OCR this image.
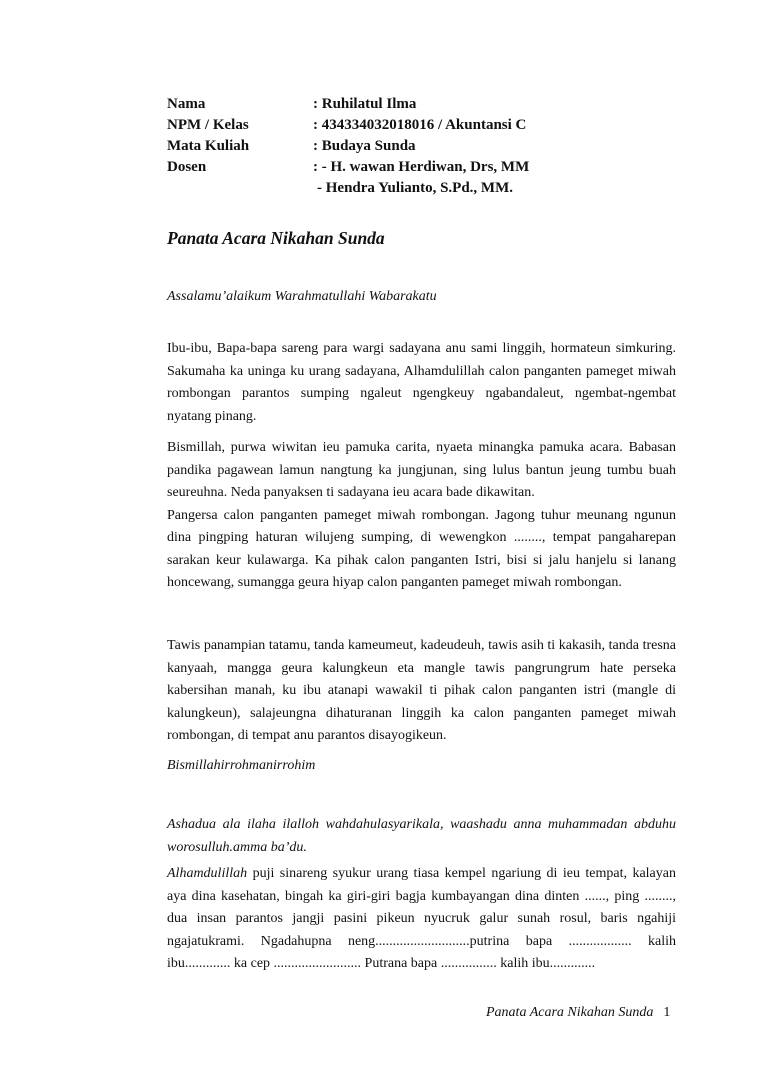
Nama	: Ruhilatul Ilma
NPM / Kelas	: 434334032018016 / Akuntansi C
Mata Kuliah	: Budaya Sunda
Dosen	: - H. wawan Herdiwan, Drs, MM
- Hendra Yulianto, S.Pd., MM.
Panata Acara Nikahan Sunda
Assalamu’alaikum Warahmatullahi Wabarakatu

Ibu-ibu, Bapa-bapa sareng para wargi sadayana anu sami linggih, hormateun simkuring. Sakumaha ka uninga ku urang sadayana, Alhamdulillah calon panganten pameget miwah rombongan parantos sumping ngaleut ngengkeuy ngabandaleut, ngembat-ngembat nyatang pinang.

Bismillah, purwa wiwitan ieu pamuka carita, nyaeta minangka pamuka acara. Babasan pandika pagawean lamun nangtung ka jungjunan, sing lulus bantun jeung tumbu buah seureuhna. Neda panyaksen ti sadayana ieu acara bade dikawitan.

Pangersa calon panganten pameget miwah rombongan. Jagong tuhur meunang ngunun dina pingping haturan wilujeng sumping, di wewengkon ........, tempat pangaharepan sarakan keur kulawarga. Ka pihak calon panganten Istri, bisi si jalu hanjelu si lanang honcewang, sumangga geura hiyap calon panganten pameget miwah rombongan.

Tawis panampian tatamu, tanda kameumeut, kadeudeuh, tawis asih ti kakasih, tanda tresna kanyaah, mangga geura kalungkeun eta mangle tawis pangrungrum hate perseka kabersihan manah, ku ibu atanapi wawakil ti pihak calon panganten istri (mangle di kalungkeun), salajeungna dihaturanan linggih ka calon panganten pameget miwah rombongan, di tempat anu parantos disayogikeun.

Bismillahirrohmanirrohim

Ashadua ala ilaha ilalloh wahdahulasyarikala, waashadu anna muhammadan abduhu worosulluh.amma ba’du.

Alhamdulillah puji sinareng syukur urang tiasa kempel ngariung di ieu tempat, kalayan aya dina kasehatan, bingah ka giri-giri bagja kumbayangan dina dinten ......, ping ........, dua insan parantos jangji pasini pikeun nyucruk galur sunah rosul, baris ngahiji ngajatukrami. Ngadahupna neng...........................putrina bapa .................. kalih ibu............. ka cep ......................... Putrana bapa ................ kalih ibu.............

Panata Acara Nikahan Sunda 1
